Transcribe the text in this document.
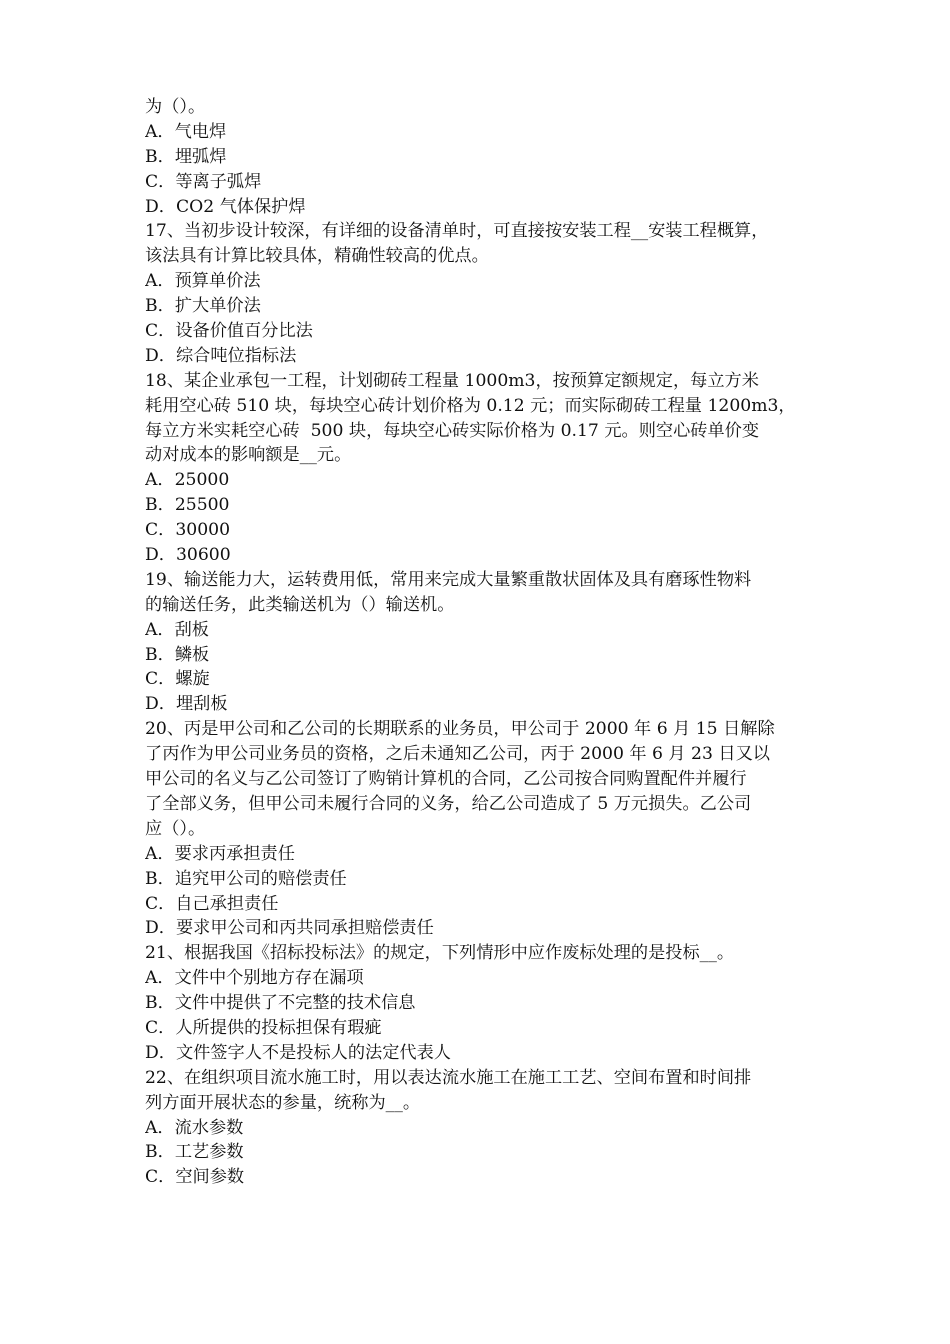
为（）。
A．气电焊
B．埋弧焊
C．等离子弧焊
D．CO2 气体保护焊
17、当初步设计较深，有详细的设备清单时，可直接按安装工程__安装工程概算，
该法具有计算比较具体，精确性较高的优点。
A．预算单价法
B．扩大单价法
C．设备价值百分比法
D．综合吨位指标法
18、某企业承包一工程，计划砌砖工程量 1000m3，按预算定额规定，每立方米
耗用空心砖 510 块，每块空心砖计划价格为 0.12 元；而实际砌砖工程量 1200m3，
每立方米实耗空心砖  500 块，每块空心砖实际价格为 0.17 元。则空心砖单价变
动对成本的影响额是__元。
A．25000
B．25500
C．30000
D．30600
19、输送能力大，运转费用低，常用来完成大量繁重散状固体及具有磨琢性物料
的输送任务，此类输送机为（）输送机。
A．刮板
B．鳞板
C．螺旋
D．埋刮板
20、丙是甲公司和乙公司的长期联系的业务员，甲公司于 2000 年 6 月 15 日解除
了丙作为甲公司业务员的资格，之后未通知乙公司，丙于 2000 年 6 月 23 日又以
甲公司的名义与乙公司签订了购销计算机的合同，乙公司按合同购置配件并履行
了全部义务，但甲公司未履行合同的义务，给乙公司造成了 5 万元损失。乙公司
应（）。
A．要求丙承担责任
B．追究甲公司的赔偿责任
C．自己承担责任
D．要求甲公司和丙共同承担赔偿责任
21、根据我国《招标投标法》的规定，下列情形中应作废标处理的是投标__。
A．文件中个别地方存在漏项
B．文件中提供了不完整的技术信息
C．人所提供的投标担保有瑕疵
D．文件签字人不是投标人的法定代表人
22、在组织项目流水施工时，用以表达流水施工在施工工艺、空间布置和时间排
列方面开展状态的参量，统称为__。
A．流水参数
B．工艺参数
C．空间参数
